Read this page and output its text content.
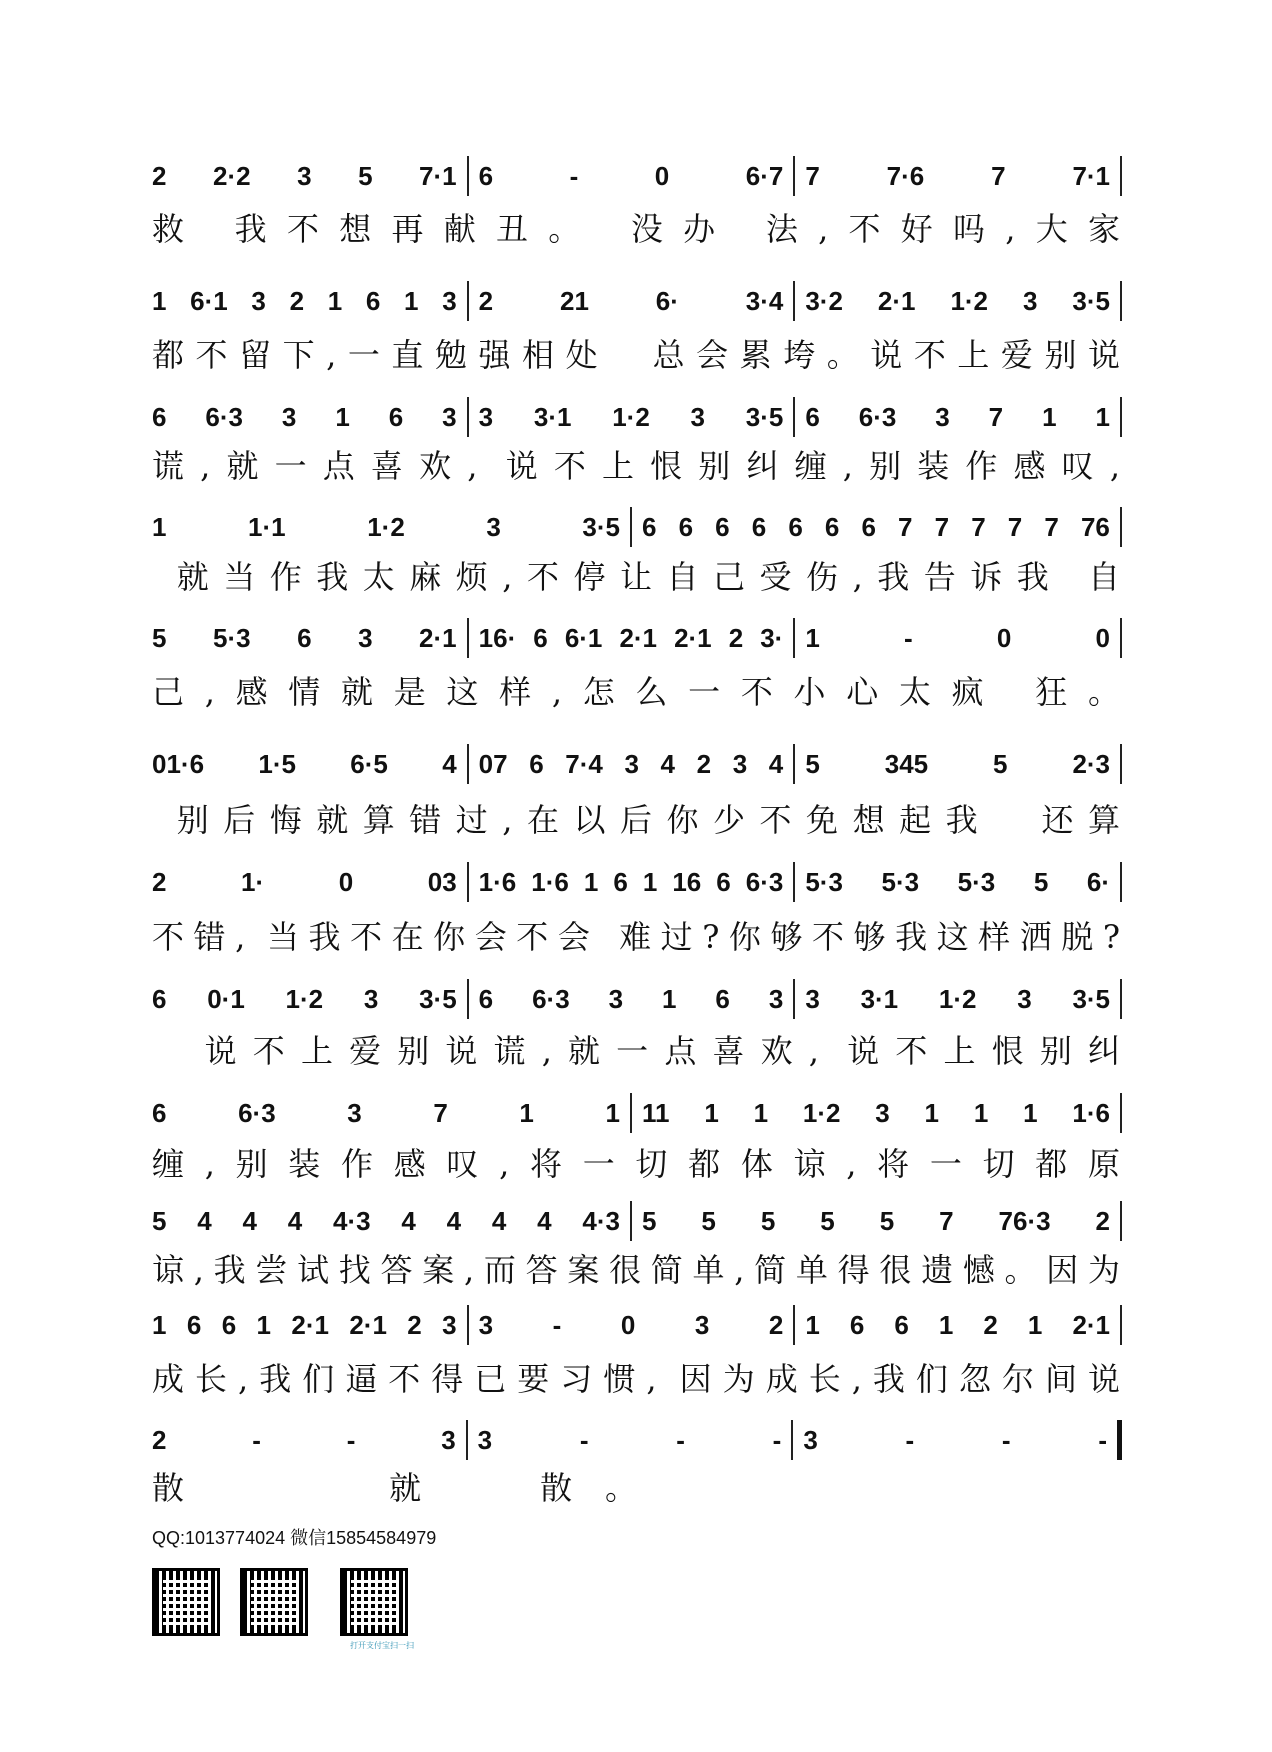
2 2·2 3 5 7·1 6	-	0	6·7 7	7·6	7	7·1
救 我不想再献丑。 没办 法,不好吗,大家
1 6·1 3 2 1 6 1 3 2	21	6·	3·4 3·2 2·1 1·2 3 3·5
都不留下,一直勉强相处  总会累垮。说不上爱别说
6 6·3 3 1 6 3 3 3·1 1·2 3 3·5 6 6·3 3 7 1 1
谎,就一点喜欢, 说不上恨别纠缠,别装作感叹,
1	1·1	1·2	3	3·5 6 6 6 6 6 6 6 7 7 7 7 7 76
就当作我太麻烦,不停让自己受伤,我告诉我 自
5 5·3 6 3 2·1 16· 6 6·1 2·1 2·1 2 3· 1	-	0	0
己,感情就是这样,怎么一不小心太疯 狂。
01·6 1·5 6·5 4 07 6 7·4 3 4 2 3 4 5 345 5 2·3
别后悔就算错过,在以后你少不免想起我  还算
2	1·	0	03 1·6 1·6 1 6 1 16 6 6·3 5·3 5·3 5·3 5 6·
不错, 当我不在你会不会 难过?你够不够我这样洒脱?
6 0·1 1·2 3 3·5 6 6·3 3 1 6 3 3 3·1 1·2 3 3·5
说不上爱别说谎,就一点喜欢, 说不上恨别纠
6	6·3	3	7	1	1 11 1 1 1·2 3 1 1 1 1·6
缠,别装作感叹,将一切都体谅,将一切都原
5 4 4 4 4·3 4 4 4 4 4·3 5 5 5 5 5 7 76·3 2
谅,我尝试找答案,而答案很简单,简单得很遗憾。因为
1 6 6 1 2·1 2·1 2 3 3 - 0 3 2 1 6 6 1 2 1 2·1
成长,我们逼不得已要习惯, 因为成长,我们忽尔间说
2	-	-	3 3	-	-	- 3	-	-	-
散    就  散。
QQ:1013774024 微信15854584979
打开支付宝扫一扫
